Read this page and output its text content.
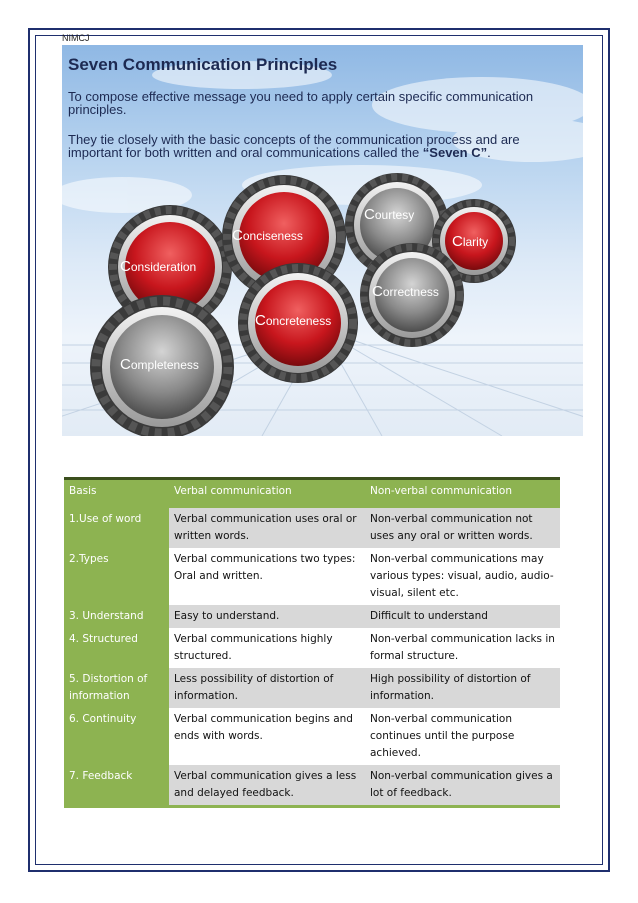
NIMCJ
Seven Communication Principles
To compose effective message you need to apply certain specific communication principles.
They tie closely with the basic concepts of the communication process and are important for both written and oral communications called the “Seven C”.
Consideration
Conciseness
Courtesy
Clarity
Correctness
Concreteness
Completeness
Basis	Verbal communication	Non-verbal communication
1.Use of word	Verbal communication uses oral or written words.	Non-verbal communication not uses any oral or written words.
2.Types	Verbal communications two types: Oral and written.	Non-verbal communications may various types: visual, audio, audio-visual, silent etc.
3. Understand	Easy to understand.	Difficult to understand
4. Structured	Verbal communications highly structured.	Non-verbal communication lacks in formal structure.
5. Distortion of information	Less possibility of distortion of information.	High possibility of distortion of information.
6. Continuity	Verbal communication begins and ends with words.	Non-verbal communication continues until the purpose achieved.
7. Feedback	Verbal communication gives a less and delayed feedback.	Non-verbal communication gives a lot of feedback.
